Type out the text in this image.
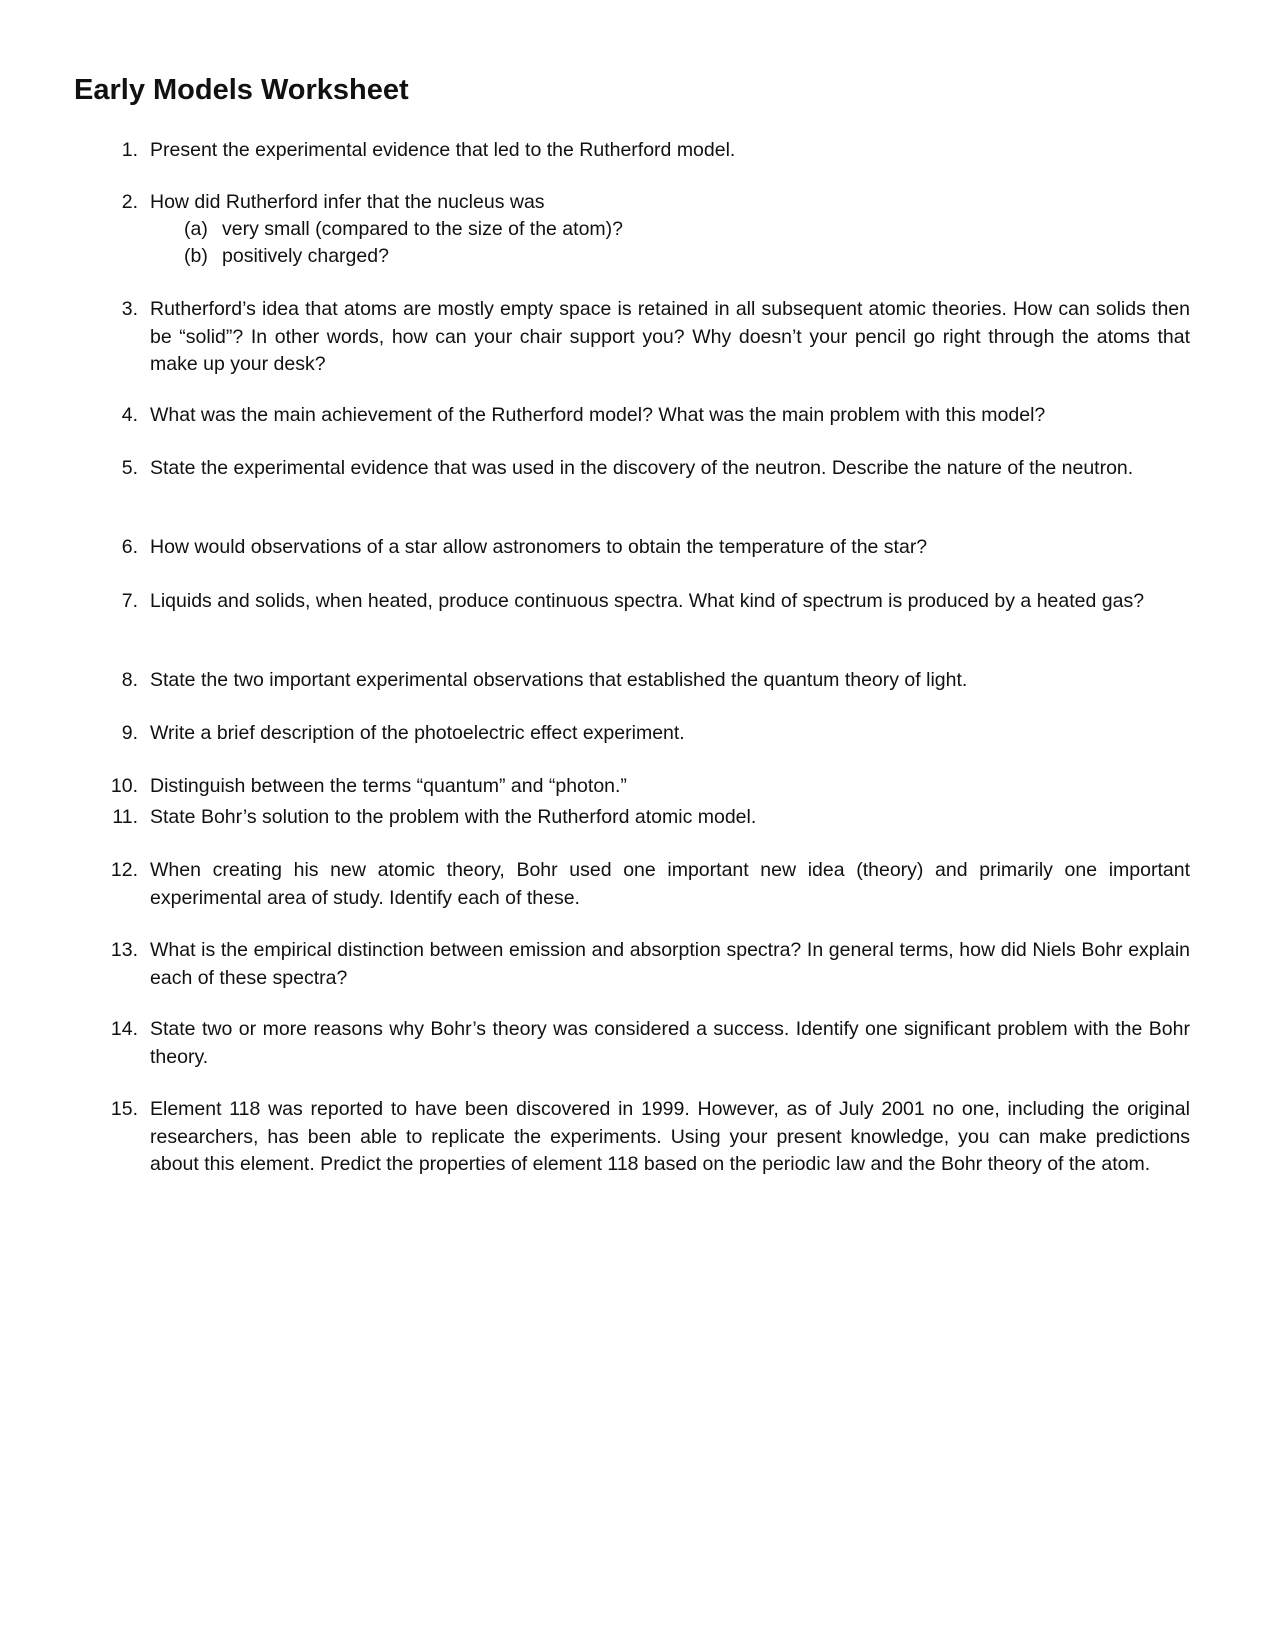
Early Models Worksheet
1. Present the experimental evidence that led to the Rutherford model.
2. How did Rutherford infer that the nucleus was
(a) very small (compared to the size of the atom)?
(b) positively charged?
3. Rutherford’s idea that atoms are mostly empty space is retained in all subsequent atomic theories. How can solids then be “solid”? In other words, how can your chair support you? Why doesn’t your pencil go right through the atoms that make up your desk?
4. What was the main achievement of the Rutherford model? What was the main problem with this model?
5. State the experimental evidence that was used in the discovery of the neutron. Describe the nature of the neutron.
6. How would observations of a star allow astronomers to obtain the temperature of the star?
7. Liquids and solids, when heated, produce continuous spectra. What kind of spectrum is produced by a heated gas?
8. State the two important experimental observations that established the quantum theory of light.
9. Write a brief description of the photoelectric effect experiment.
10. Distinguish between the terms “quantum” and “photon.”
11. State Bohr’s solution to the problem with the Rutherford atomic model.
12. When creating his new atomic theory, Bohr used one important new idea (theory) and primarily one important experimental area of study. Identify each of these.
13. What is the empirical distinction between emission and absorption spectra? In general terms, how did Niels Bohr explain each of these spectra?
14. State two or more reasons why Bohr’s theory was considered a success. Identify one significant problem with the Bohr theory.
15. Element 118 was reported to have been discovered in 1999. However, as of July 2001 no one, including the original researchers, has been able to replicate the experiments. Using your present knowledge, you can make predictions about this element. Predict the properties of element 118 based on the periodic law and the Bohr theory of the atom.
